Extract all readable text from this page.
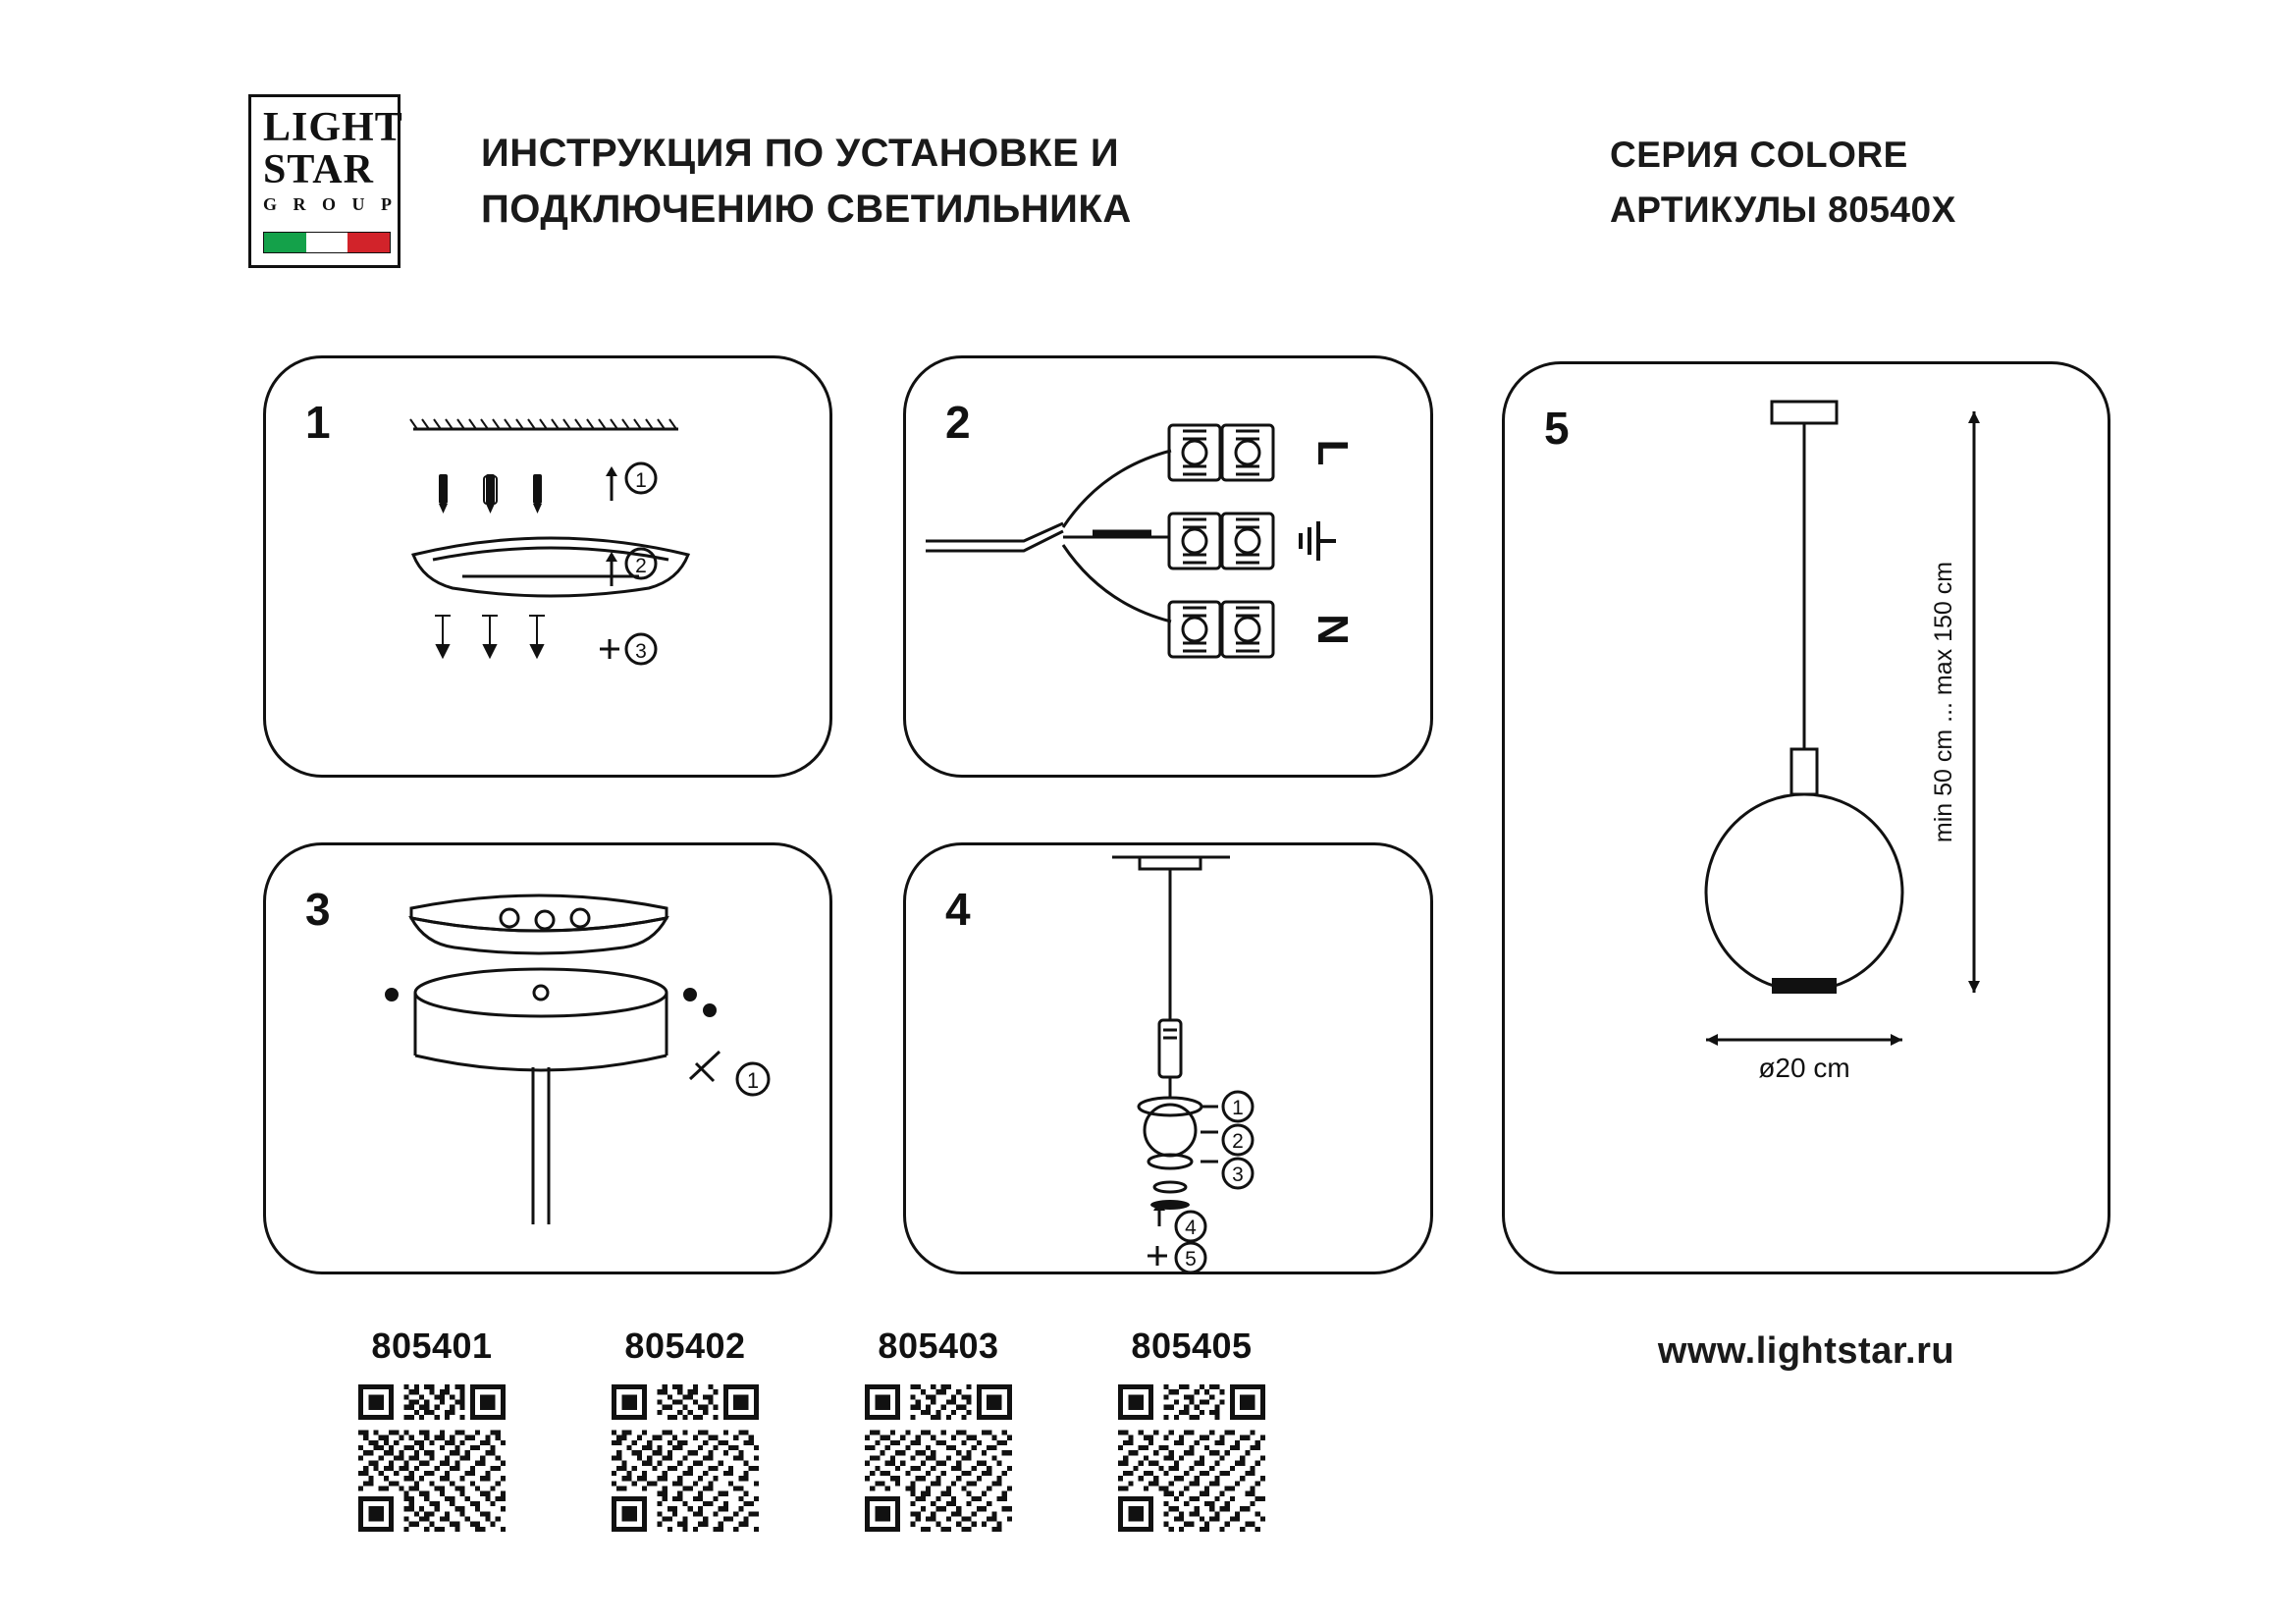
LIGHT
STAR
G R O U P
ИНСТРУКЦИЯ ПО УСТАНОВКЕ И ПОДКЛЮЧЕНИЮ СВЕТИЛЬНИКА
СЕРИЯ COLORE
АРТИКУЛЫ 80540X
1
1
2
3
2
L
N
3
1
4
1
2
3
4
5
5
min 50 cm ... max 150 cm
ø20 cm
805401	805402	805403	805405	www.lightstar.ru
